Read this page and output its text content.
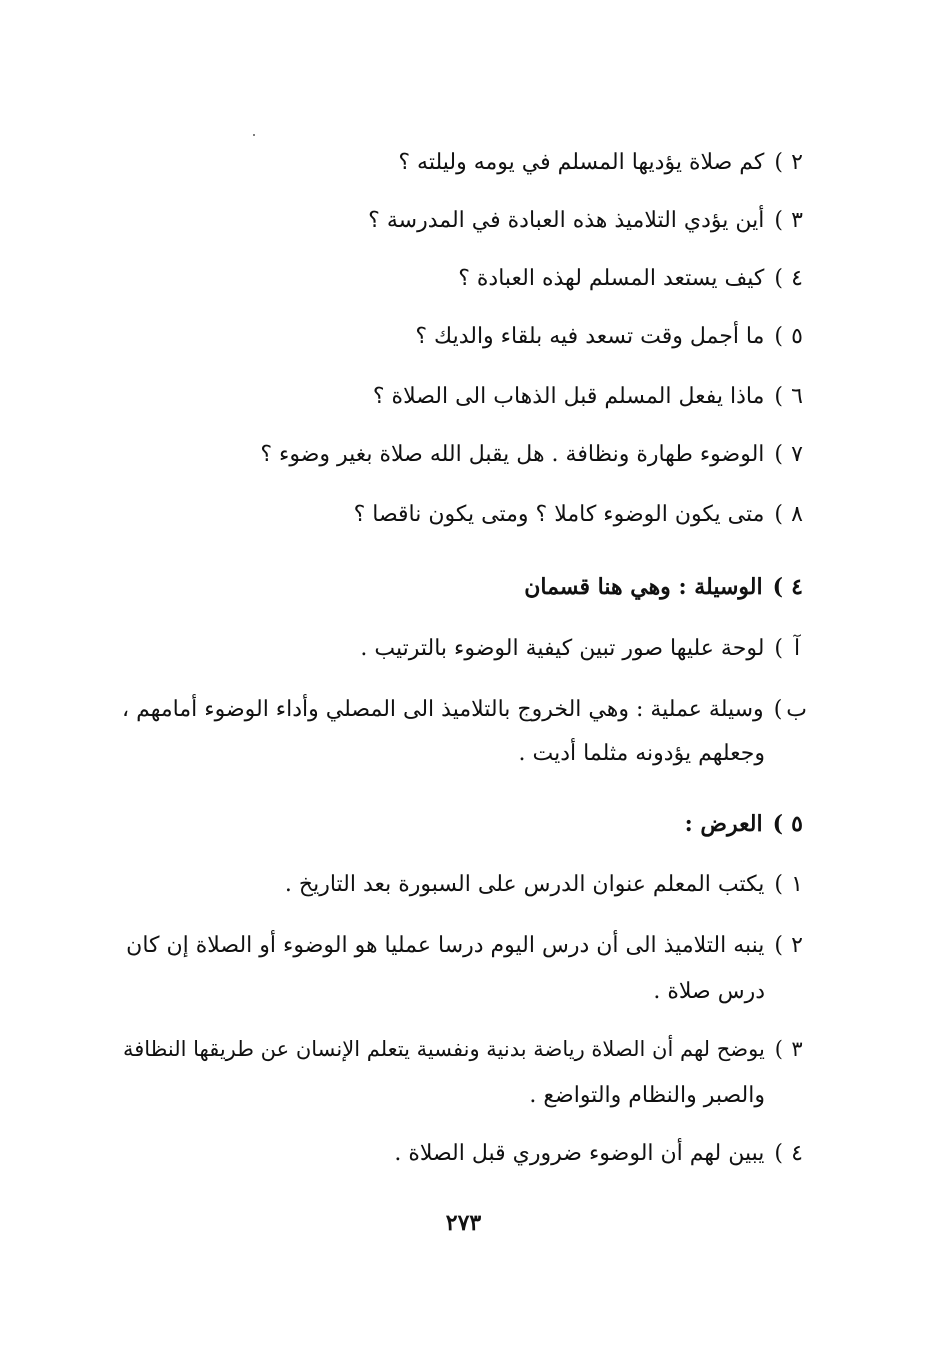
٢)كم صلاة يؤديها المسلم في يومه وليلته ؟

٣)أين يؤدي التلاميذ هذه العبادة في المدرسة ؟

٤)كيف يستعد المسلم لهذه العبادة ؟

٥)ما أجمل وقت تسعد فيه بلقاء والديك ؟

٦)ماذا يفعل المسلم قبل الذهاب الى الصلاة ؟

٧)الوضوء طهارة ونظافة . هل يقبل الله صلاة بغير وضوء ؟

٨)متى يكون الوضوء كاملا ؟ ومتى يكون ناقصا ؟

٤)الوسيلة : وهي هنا قسمان

آ)لوحة عليها صور تبين كيفية الوضوء بالترتيب .

ب)وسيلة عملية : وهي الخروج بالتلاميذ الى المصلي وأداء الوضوء أمامهم ،

وجعلهم يؤدونه مثلما أديت .

٥)العرض :

١)يكتب المعلم عنوان الدرس على السبورة بعد التاريخ .

٢)ينبه التلاميذ الى أن درس اليوم درسا عمليا هو الوضوء أو الصلاة إن كان

درس صلاة .

٣)يوضح لهم أن الصلاة رياضة بدنية ونفسية يتعلم الإنسان عن طريقها النظافة

والصبر والنظام والتواضع .

٤)يبين لهم أن الوضوء ضروري قبل الصلاة .

٢٧٣
